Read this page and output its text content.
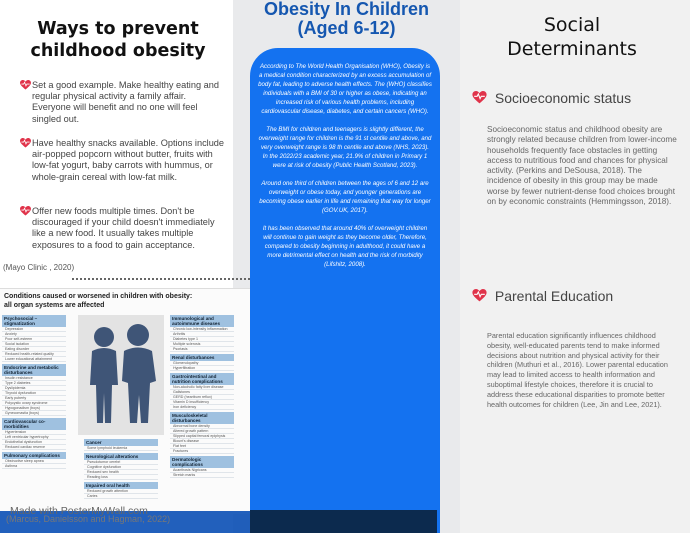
Ways to prevent childhood obesity
Set a good example. Make healthy eating and regular physical activity a family affair. Everyone will benefit and no one will feel singled out.
Have healthy snacks available. Options include air-popped popcorn without butter, fruits with low-fat yogurt, baby carrots with hummus, or whole-grain cereal with low-fat milk.
Offer new foods multiple times. Don't be discouraged if your child doesn't immediately like a new food. It usually takes multiple exposures to a food to gain acceptance.
(Mayo Clinic , 2020)
Conditions caused or worsened in children with obesity:
all organ systems are affected
Psychosocial – stigmatization
Depression
Anxiety
Poor self-esteem
Social isolation
Eating disorder
Reduced health-related quality
Lower educational attainment
Endocrine and metabolic disturbances
Insulin resistance
Type 2 diabetes
Dyslipidemia
Thyroid dysfunction
Early puberty
Polycystic ovary syndrome
Hypogonadism (boys)
Gynecomastia (boys)
Cardiovascular co-morbidities
Hypertension
Left ventricular hypertrophy
Endothelial dysfunction
Reduced cardiac reserve
Pulmonary complications
Obstructive sleep apnea
Asthma
Cancer
Some lymphoid leukemia
Neurological alterations
Pseudotumor cerebri
Cognitive dysfunction
Reduced sex health
Reading loss
Impaired oral health
Reduced growth attention
Caries
Immunological and autoimmune diseases
Chronic low-intensity inflammation
Arthritis
Diabetes type 1
Multiple sclerosis
Psoriasis
Renal disturbances
Glomerulopathy
Hyperfiltration
Gastrointestinal and nutrition complications
Non-alcoholic fatty liver disease
Gallstones
GERD (heartburn reflux)
Vitamin D insufficiency
Iron deficiency
Musculoskeletal disturbances
Abnormal bone density
Altered growth pattern
Slipped capital femoral epiphysis
Blount's disease
Flat feet
Fractures
Dermatologic complications
Acanthosis Nigricans
Stretch marks
Made with PosterMyWall.com
(Marcus, Danielsson and Hagman, 2022)
Obesity In Children
(Aged 6-12)

According to The World Health Organisation (WHO), Obesity is a medical condition characterized by an excess accumulation of body fat, leading to adverse health effects. The (WHO) classifies individuals with a BMI of 30 or higher as obese, indicating an increased risk of various health problems, including cardiovascular disease, diabetes, and certain cancers (WHO).

The BMI for children and teenagers is slightly different, the overweight range for children is the 91 st centile and above, and very overweight range is 98 th centile and above (NHS, 2023). In the 2022/23 academic year, 21.9% of children in Primary 1 were at risk of obesity (Public Health Scotland, 2023).

Around one third of children between the ages of 6 and 12 are overweight or obese today, and younger generations are becoming obese earlier in life and remaining that way for longer (GOV.UK, 2017).

It has been observed that around 40% of overweight children will continue to gain weight as they become older, Therefore, compared to obesity beginning in adulthood, it could have a more detrimental effect on health and the risk of morbidity (Lifshitz, 2008).

Social
Determinants
Socioeconomic status
Socioeconomic status and childhood obesity are strongly related because children from lower-income households frequently face obstacles in getting access to nutritious food and chances for physical activity. (Perkins and DeSousa, 2018). The incidence of obesity in this group may be made worse by fewer nutrient-dense food choices brought on by economic constraints (Hemmingsson, 2018).
Parental Education
Parental education significantly influences childhood obesity, well-educated parents tend to make informed decisions about nutrition and physical activity for their children (Muthuri et al., 2016). Lower parental education may lead to limited access to health information and suboptimal lifestyle choices, therefore it is crucial to address these educational disparities to promote better health outcomes for children (Lee, Jin and Lee, 2021).
